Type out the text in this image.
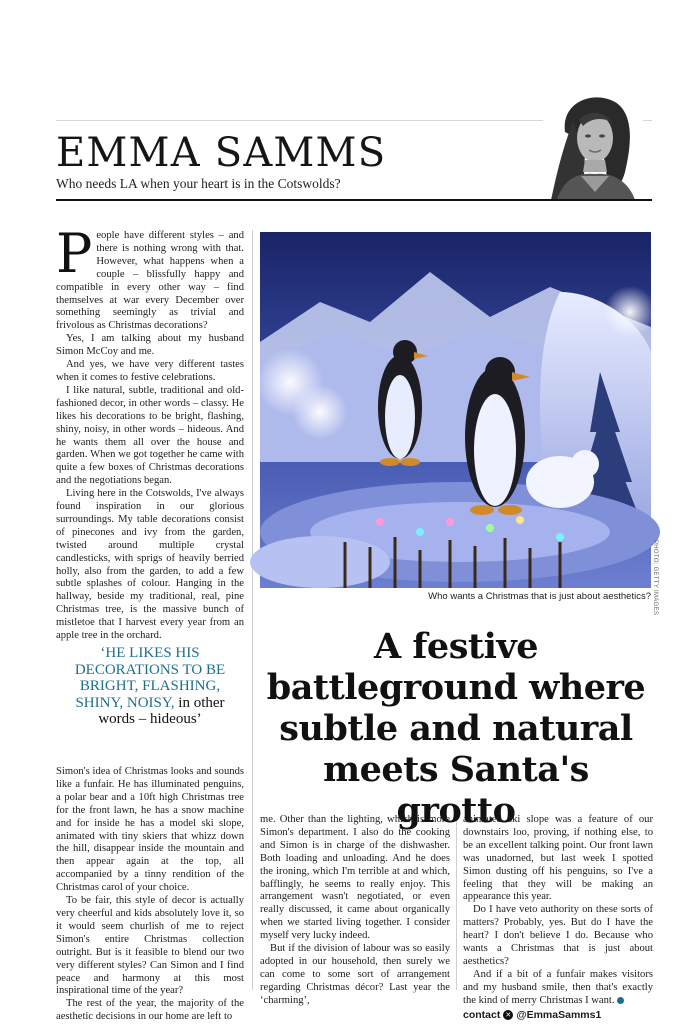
EMMA SAMMS
Who needs LA when your heart is in the Cotswolds?

People have different styles – and there is nothing wrong with that. However, what happens when a couple – blissfully happy and compatible in every other way – find themselves at war every December over something seemingly as trivial and frivolous as Christmas decorations?

Yes, I am talking about my husband Simon McCoy and me.

And yes, we have very different tastes when it comes to festive celebrations.

I like natural, subtle, traditional and old-fashioned decor, in other words – classy. He likes his decorations to be bright, flashing, shiny, noisy, in other words – hideous. And he wants them all over the house and garden. When we got together he came with quite a few boxes of Christmas decorations and the negotiations began.

Living here in the Cotswolds, I've always found inspiration in our glorious surroundings. My table decorations consist of pinecones and ivy from the garden, twisted around multiple crystal candlesticks, with sprigs of heavily berried holly, also from the garden, to add a few subtle splashes of colour. Hanging in the hallway, beside my traditional, real, pine Christmas tree, is the massive bunch of mistletoe that I harvest every year from an apple tree in the orchard.

‘HE LIKES HIS DECORATIONS TO BE BRIGHT, FLASHING, SHINY, NOISY, in other words – hideous’

Simon's idea of Christmas looks and sounds like a funfair. He has illuminated penguins, a polar bear and a 10ft high Christmas tree for the front lawn, he has a snow machine and for inside he has a model ski slope, animated with tiny skiers that whizz down the hill, disappear inside the mountain and then appear again at the top, all accompanied by a tinny rendition of the Christmas carol of your choice.

To be fair, this style of decor is actually very cheerful and kids absolutely love it, so it would seem churlish of me to reject Simon's entire Christmas collection outright. But is it feasible to blend our two very different styles? Can Simon and I find peace and harmony at this most inspirational time of the year?

The rest of the year, the majority of the aesthetic decisions in our home are left to

PHOTO: GETTY IMAGES
Who wants a Christmas that is just about aesthetics?
A festive battleground where subtle and natural meets Santa's grotto

me. Other than the lighting, which is more Simon's department. I also do the cooking and Simon is in charge of the dishwasher. Both loading and unloading. And he does the ironing, which I'm terrible at and which, bafflingly, he seems to really enjoy. This arrangement wasn't negotiated, or even really discussed, it came about organically when we started living together. I consider myself very lucky indeed.

But if the division of labour was so easily adopted in our household, then surely we can come to some sort of arrangement regarding Christmas décor? Last year the ‘charming’,

animated ski slope was a feature of our downstairs loo, proving, if nothing else, to be an excellent talking point. Our front lawn was unadorned, but last week I spotted Simon dusting off his penguins, so I've a feeling that they will be making an appearance this year.

Do I have veto authority on these sorts of matters? Probably, yes. But do I have the heart? I don't believe I do. Because who wants a Christmas that is just about aesthetics?

And if a bit of a funfair makes visitors and my husband smile, then that's exactly the kind of merry Christmas I want.

contact ✕ @EmmaSamms1
